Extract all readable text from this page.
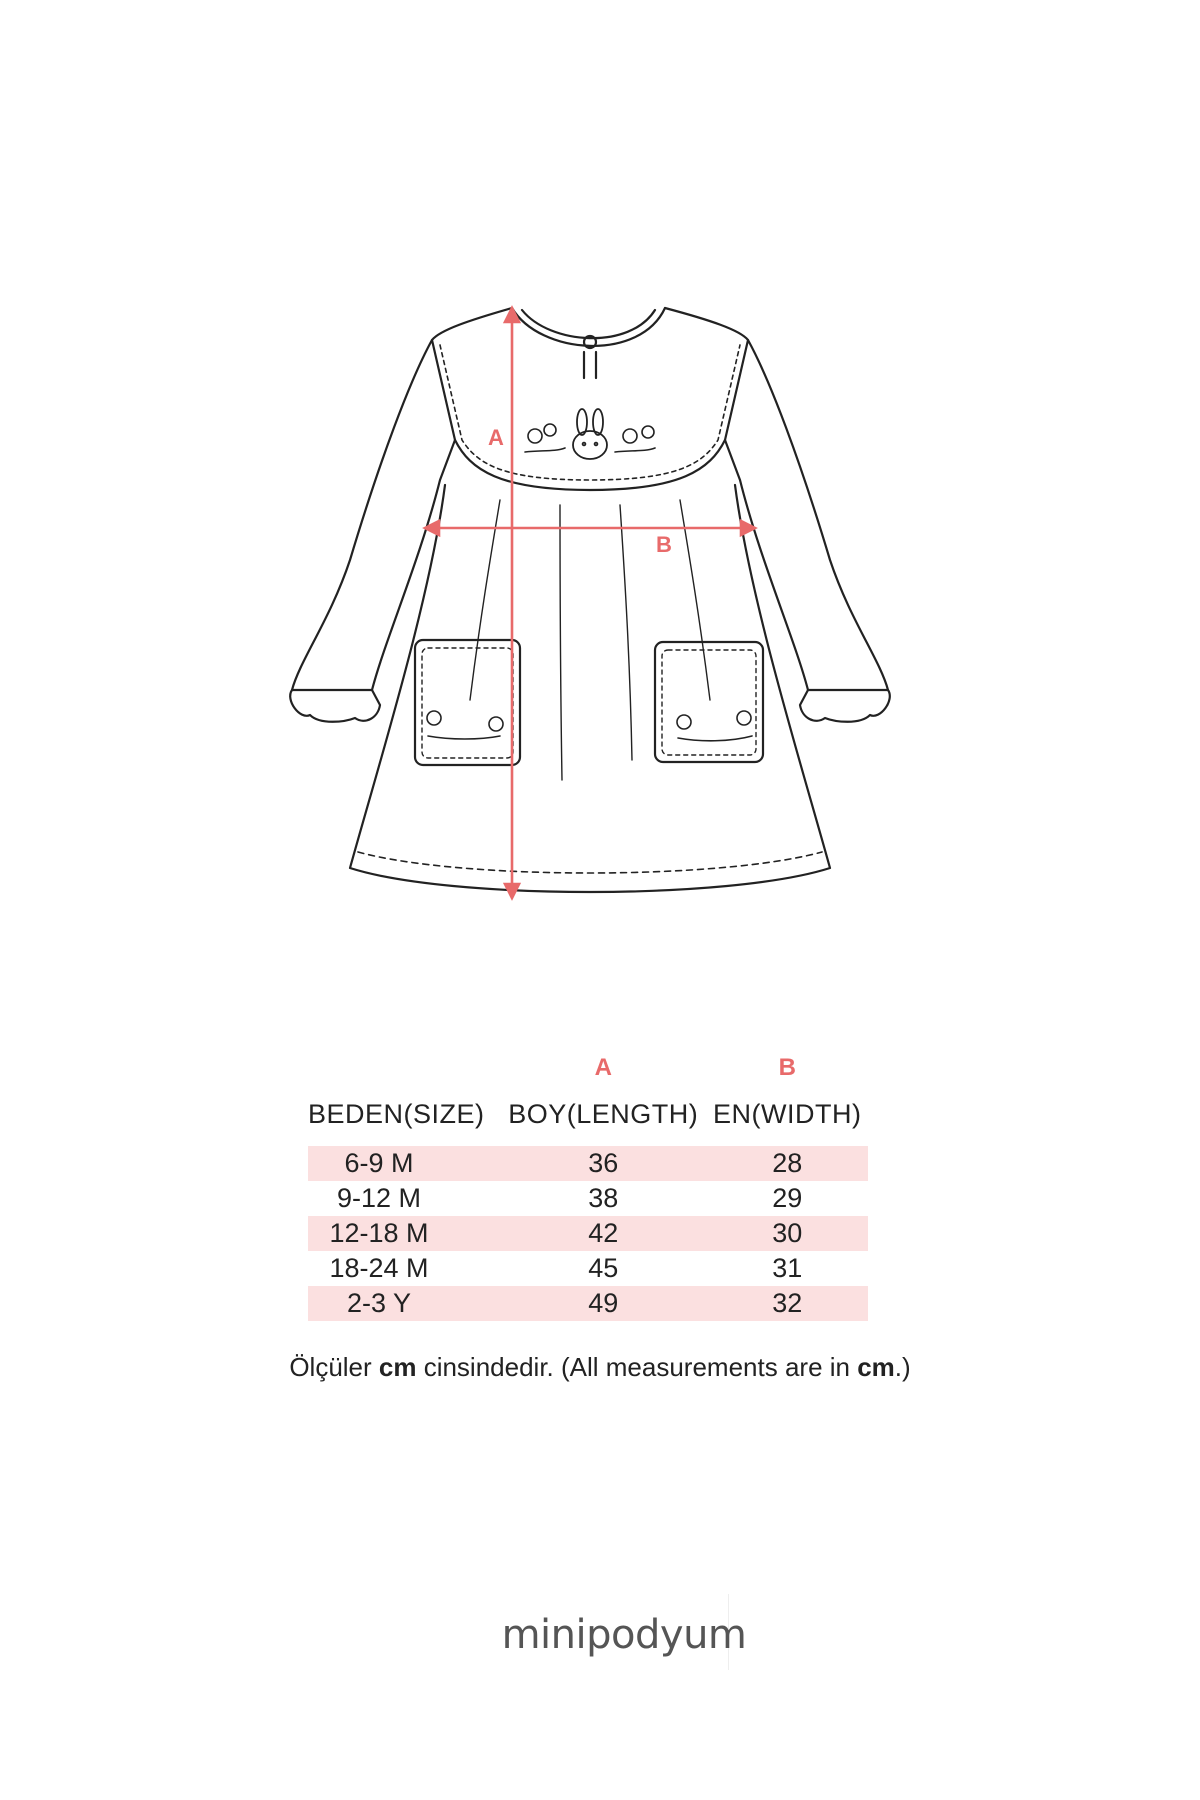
A
B
	A	B
BEDEN(SIZE)	BOY(LENGTH)	EN(WIDTH)

6-9 M	36	28
9-12 M	38	29
12-18 M	42	30
18-24 M	45	31
2-3 Y	49	32
Ölçüler cm cinsindedir. (All measurements are in cm.)
minipodyum
